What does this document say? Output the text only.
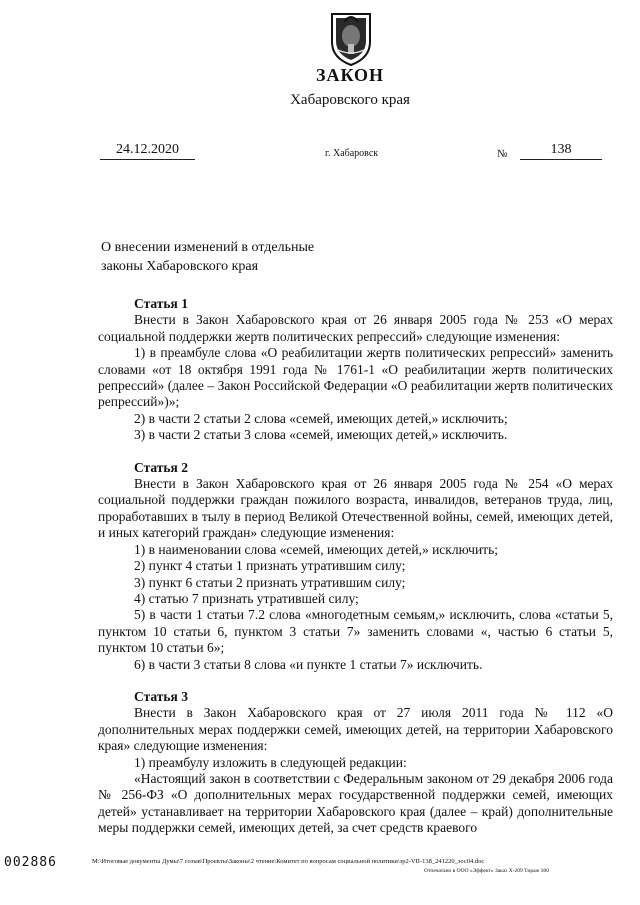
ЗАКОН
Хабаровского края
24.12.2020	г. Хабаровск	№	138
О внесении изменений в отдельные
законы Хабаровского края

Статья 1

Внести в Закон Хабаровского края от 26 января 2005 года № 253 «О мерах социальной поддержки жертв политических репрессий» следующие изменения:

1) в преамбуле слова «О реабилитации жертв политических репрессий» заменить словами «от 18 октября 1991 года № 1761-1 «О реабилитации жертв политических репрессий» (далее – Закон Российской Федерации «О реабилитации жертв политических репрессий»)»;

2) в части 2 статьи 2 слова «семей, имеющих детей,» исключить;

3) в части 2 статьи 3 слова «семей, имеющих детей,» исключить.

Статья 2

Внести в Закон Хабаровского края от 26 января 2005 года № 254 «О мерах социальной поддержки граждан пожилого возраста, инвалидов, ветеранов труда, лиц, проработавших в тылу в период Великой Отечественной войны, семей, имеющих детей, и иных категорий граждан» следующие изменения:

1) в наименовании слова «семей, имеющих детей,» исключить;

2) пункт 4 статьи 1 признать утратившим силу;

3) пункт 6 статьи 2 признать утратившим силу;

4) статью 7 признать утратившей силу;

5) в части 1 статьи 7.2 слова «многодетным семьям,» исключить, слова «статьи 5, пунктом 10 статьи 6, пунктом 3 статьи 7» заменить словами «, частью 6 статьи 5, пунктом 10 статьи 6»;

6) в части 3 статьи 8 слова «и пункте 1 статьи 7» исключить.

Статья 3

Внести в Закон Хабаровского края от 27 июля 2011 года № 112 «О дополнительных мерах поддержки семей, имеющих детей, на территории Хабаровского края» следующие изменения:

1) преамбулу изложить в следующей редакции:

«Настоящий закон в соответствии с Федеральным законом от 29 декабря 2006 года № 256-ФЗ «О дополнительных мерах государственной поддержки семей, имеющих детей» устанавливает на территории Хабаровского края (далее – край) дополнительные меры поддержки семей, имеющих детей, за счет средств краевого

002886	M:\Итоговые документы Думы\7 созыв\Проекты\Законы\2 чтение\Комитет по вопросам социальной политики\зр2-VII-138_241220_зос04.doc
Отпечатано в ООО «Эффект» Заказ Х-209 Тираж 300
